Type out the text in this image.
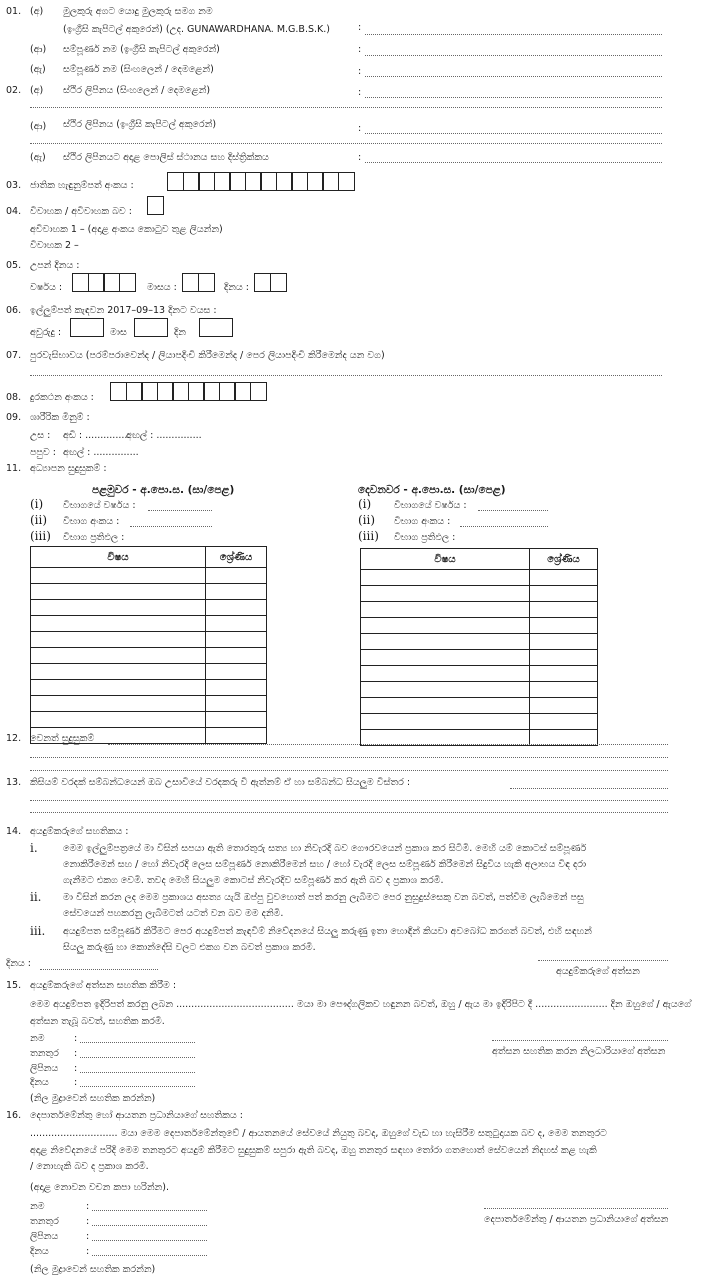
01. (අ) මුලකුරු අගට යොදු මුලකුරු සමග නම
(ඉංග්‍රීසි කැපිටල් අකුරෙන්) (උද. GUNAWARDHANA. M.G.B.S.K.)	:
(ආ) සම්පූර්ණ නම (ඉංග්‍රීසි කැපිටල් අකුරෙන්)	:
(ඇ) සම්පූර්ණ නම (සිංහලෙන් / දෙමළෙන්)	:
02. (අ) ස්ථිර ලිපිනය (සිංහලෙන් / දෙමළෙන්)	:
(ආ) ස්ථිර ලිපිනය (ඉංග්‍රීසි කැපිටල් අකුරෙන්)	:
(ඇ) ස්ථිර ලිපිනයට අදාළ පොලිස් ස්ථානය සහ දිස්ත්‍රික්කය	:
03. ජාතික හැඳුනුම්පත් අංකය :
04. විවාහක / අවිවාහක බව :
අවිවාහක 1 – (අදාළ අංකය කොටුව තුළ ලියන්න)
විවාහක 2 –
05. උපන් දිනය :
වර්ෂය :	මාසය :	දිනය :
06. ඉල්ලුම්පත් කැඳවන 2017–09–13 දිනට වයස :
අවුරුදු :	මාස	දින
07. පුරවැසිභාවය (පරම්පරාවෙන්ද / ලියාපදිංචි කිරීමෙන්ද / පෙර ලියාපදිංචි කිරීමෙන්ද යන වග)
08. දුරකථන අංකය :
09. ශාරීරික මිනුම් :
උස : අඩි : ...............
අඟල් : ...............
පපුව : අඟල් : ...............
11. අධ්‍යාපන සුදුසුකම් :
පළමුවර - අ.පො.ස. (සා/පෙළ)
(i)
(ii)
(iii)
විභාගයේ වර්ෂය :
විභාග අංකය :
විභාග ප්‍රතිඵල :
විෂය	ශ්‍රේණිය

දෙවනවර - අ.පො.ස. (සා/පෙළ)
(i)
(ii)
(iii)
විභාගයේ වර්ෂය :
විභාග අංකය :
විභාග ප්‍රතිඵල :
විෂය	ශ්‍රේණිය

12. වෙනත් සුදුසුකම්
13. කිසියම් වරදක් සම්බන්ධයෙන් ඔබ උසාවියේ වරදකරු වී ඇත්නම් ඒ හා සම්බන්ධ සියලුම විස්තර :
14. අයදුම්කරුගේ සහතිකය :
i.	මෙම ඉල්ලුම්පත්‍රයේ මා විසින් සපයා ඇති තොරතුරු සත්‍ය හා නිවැරදි බව ගෞරවයෙන් ප්‍රකාශ කර සිටිමි. මෙහි යම් කොටස් සම්පූර්ණ
නොකිරීමෙන් සහ / හෝ නිවැරදි ලෙස සම්පූර්ණ නොකිරීමෙන් සහ / හෝ වැරදි ලෙස සම්පූර්ණ කිරීමෙන් සිදුවිය හැකි අලාභය විඳ දරා
ගැනීමට එකග වෙමි. තවද මෙහි සියලුම කොටස් නිවැරදිව සම්පූර්ණ කර ඇති බව ද ප්‍රකාශ කරමි.
ii. මා විසින් කරන ලද මෙම ප්‍රකාශය අසත්‍ය යැයි ඔප්පු වුවහොත් පත් කරනු ලැබීමට පෙර නුසුදුස්සෙකු වන බවත්, පත්වීම ලැබීමෙන් පසු
සේවයෙන් පහකරනු ලැබීමටත් යටත් වන බව මම දනිමි.
iii. අයදුම්පත සම්පූර්ණ කිරීමට පෙර අයදුම්පත් කැඳවීම් නිවේදනයේ සියලු කරුණු ඉතා හොඳින් කියවා අවබෝධ කරගත් බවත්, එහි සඳහන්
සියලු කරුණු හා කොන්දේසි වලට එකග වන බවත් ප්‍රකාශ කරමි.
දිනය :
අයදුම්කරුගේ අත්සන
15. අයදුම්කරුගේ අත්සන සහතික කිරීම :
මෙම අයදුම්පත ඉදිරිපත් කරනු ලබන ....................................... මයා මා පෞද්ගලිකව හඳුනන බවත්, ඔහු / ඇය මා ඉදිරිපිට දී ........................ දින ඔහුගේ / ඇයගේ
අත්සන තැබූ බවත්, සහතික කරමි.
නම	:
තනතුර :
ලිපිනය :
දිනය	:
(නිල මුද්‍රාවෙන් සහතික කරන්න)
අත්සන සහතික කරන නිලධාරියාගේ අත්සන
16. දෙපාර්තමේන්තු හෝ ආයතන ප්‍රධානියාගේ සහතිකය :
............................. මයා මෙම දෙපාර්තමේන්තුවේ / ආයතනයේ සේවයේ නියුතු බවද, ඔහුගේ වැඩ හා හැසිරීම සතුටුදායක බව ද, මෙම තනතුරට
අදාළ නිවේදනයේ පරිදි මෙම තනතුරට අයදුම් කිරීමට සුදුසුකම් සපුරා ඇති බවද, ඔහු තනතුර සඳහා තෝරා ගතහොත් සේවයෙන් නිදහස් කළ හැකි
/ නොහැකි බව ද ප්‍රකාශ කරමි.
(අදාළ නොවන වචන කපා හරින්න).
නම	:
තනතුර	:
ලිපිනය	:
දිනය	:
(නිල මුද්‍රාවෙන් සහතික කරන්න)
දෙපාර්තමේන්තු / ආයතන ප්‍රධානියාගේ අත්සන
